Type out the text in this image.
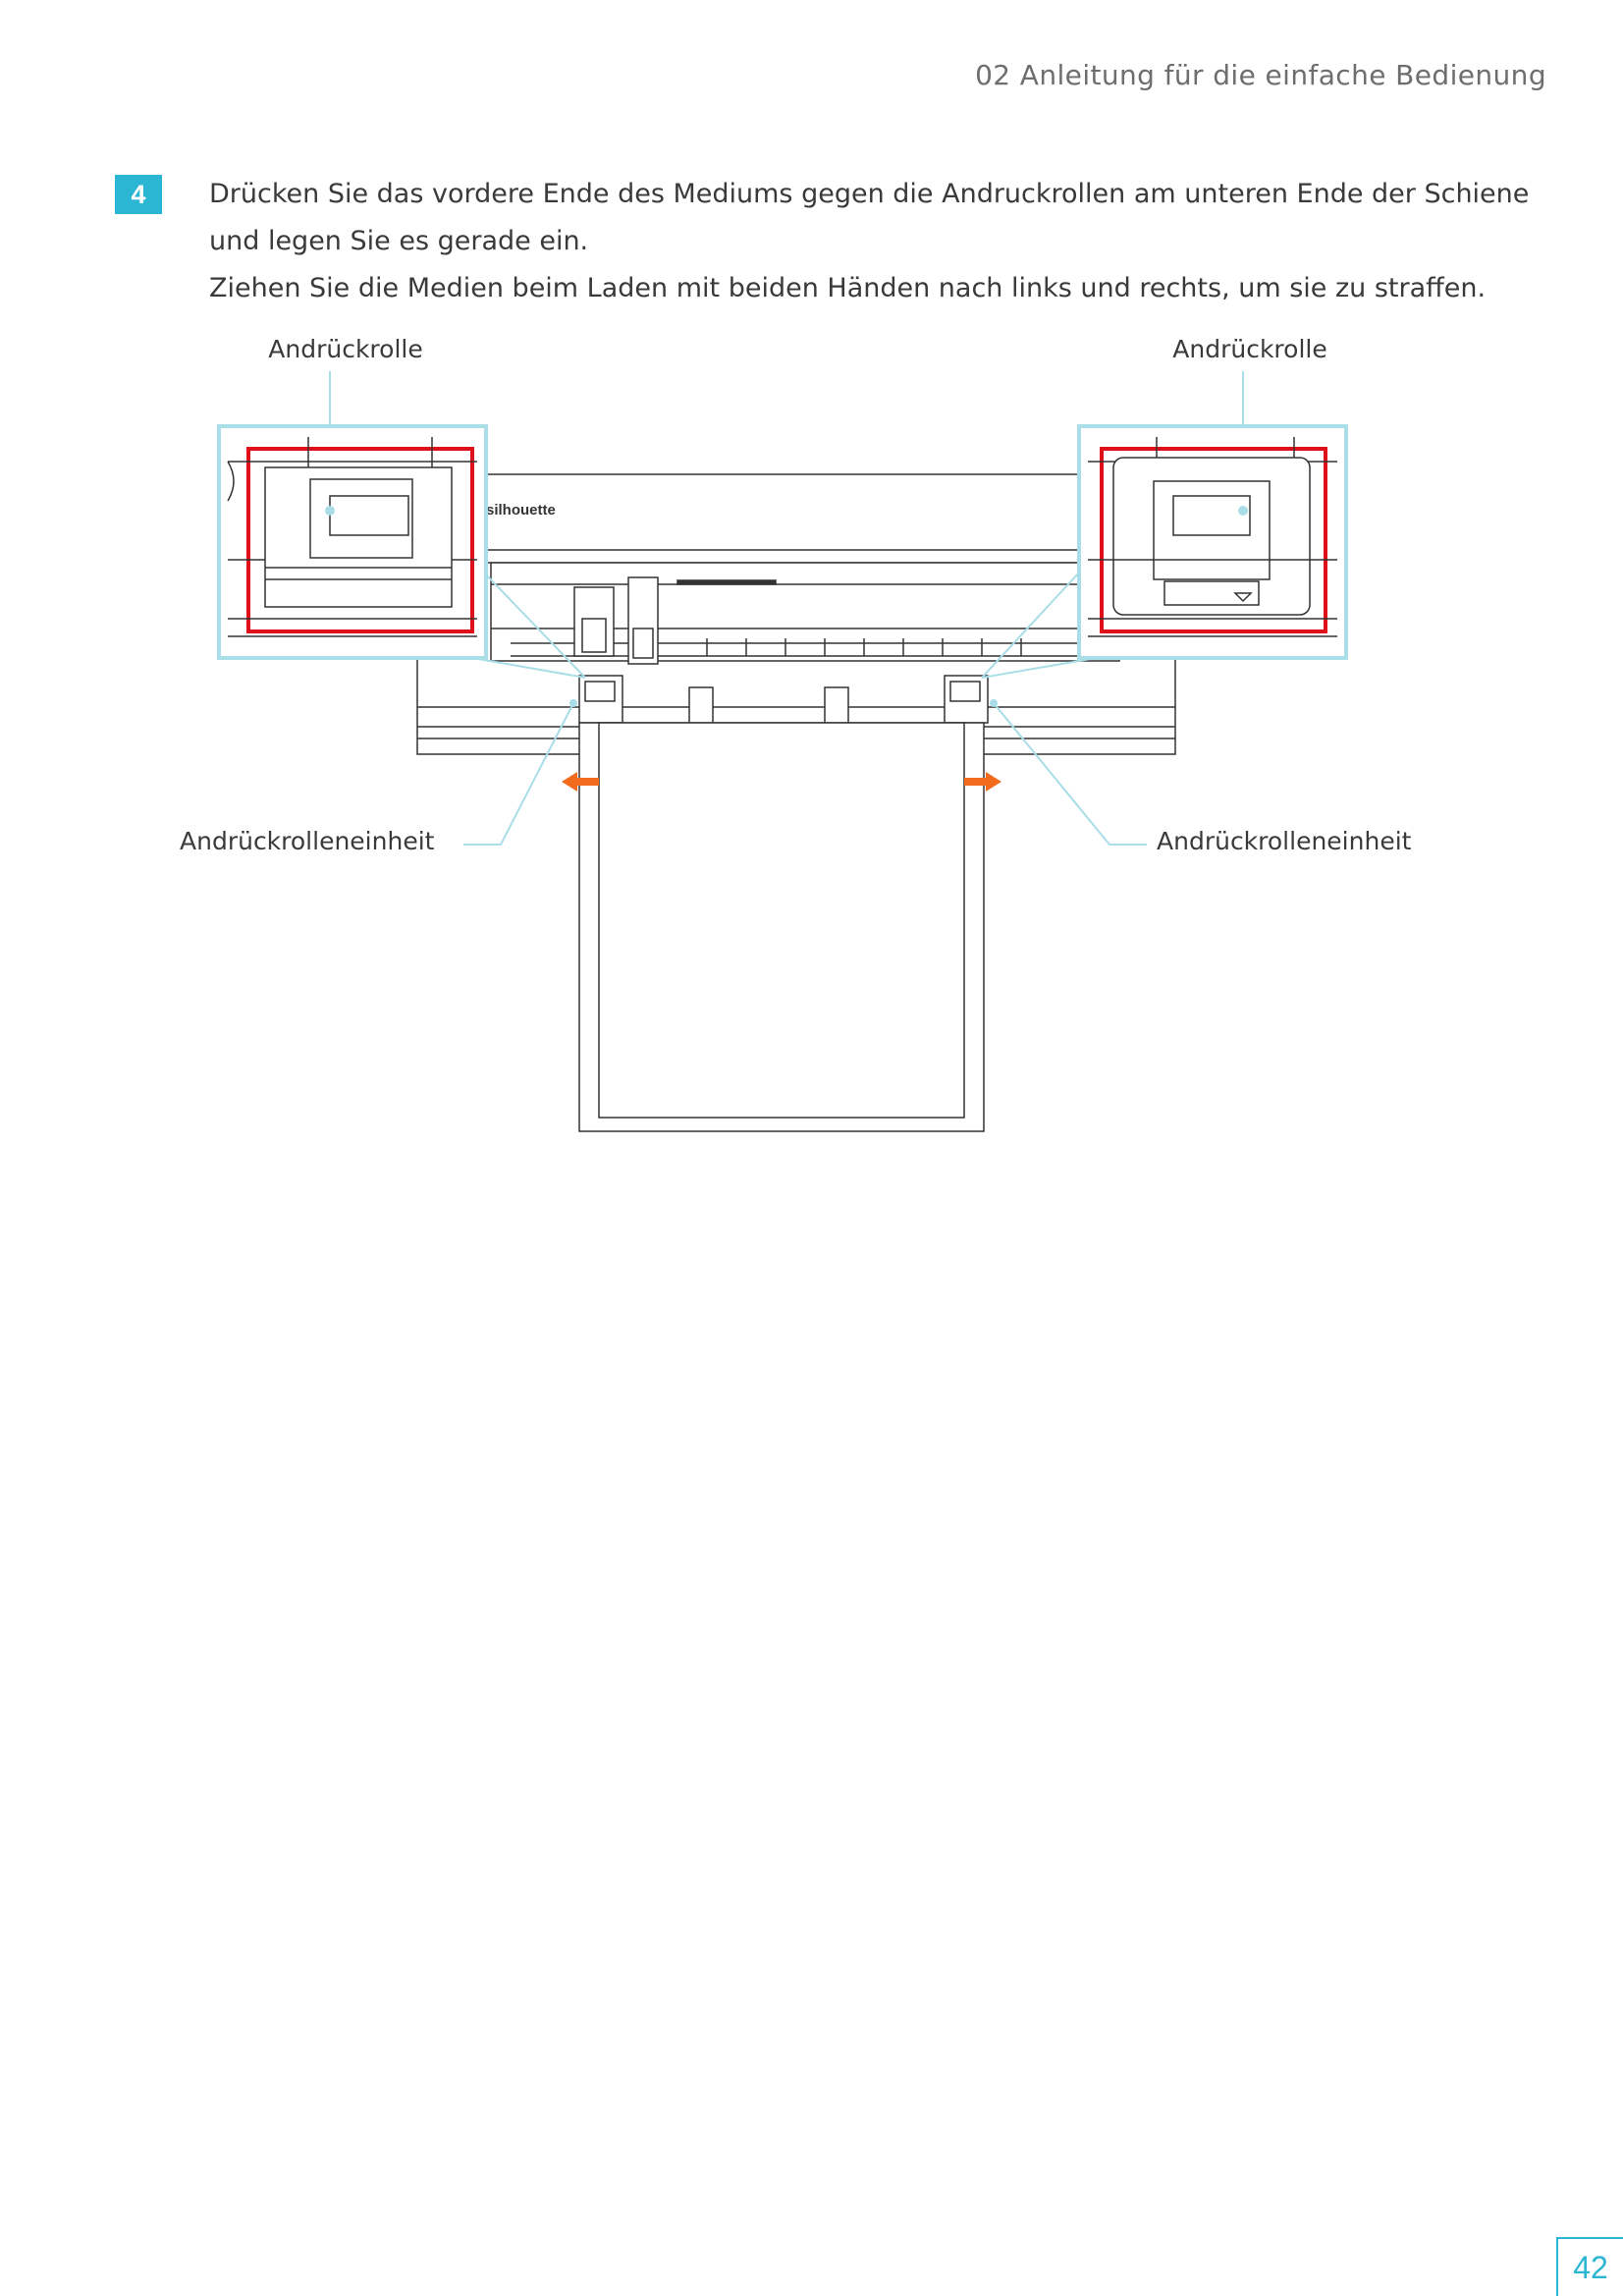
02 Anleitung für die einfache Bedienung
4	Drücken Sie das vordere Ende des Mediums gegen die Andruckrollen am unteren Ende der Schiene und legen Sie es gerade ein.

Ziehen Sie die Medien beim Laden mit beiden Händen nach links und rechts, um sie zu straffen.

Andrückrolle	Andrückrolle
Andrückrolleneinheit	Andrückrolleneinheit
silhouette
42
